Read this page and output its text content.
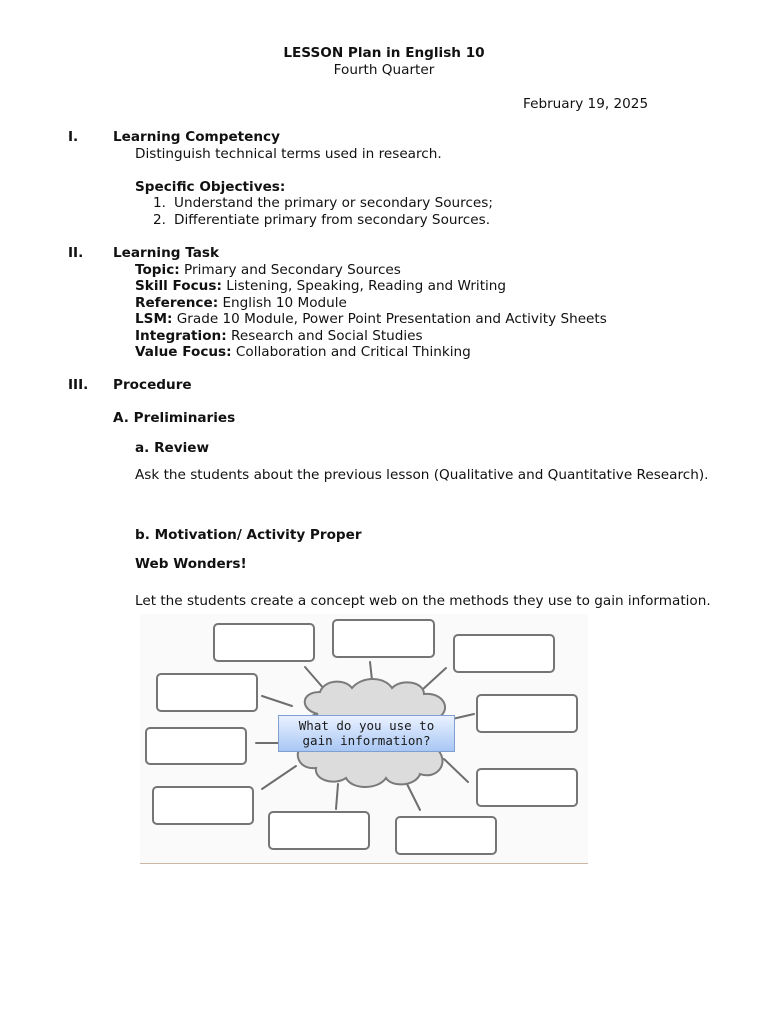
LESSON Plan in English 10
Fourth Quarter
February 19, 2025
I.	Learning Competency
Distinguish technical terms used in research.
Specific Objectives:
1. Understand the primary or secondary Sources;
2. Differentiate primary from secondary Sources.
II. Learning Task
Topic: Primary and Secondary Sources
Skill Focus: Listening, Speaking, Reading and Writing
Reference: English 10 Module
LSM: Grade 10 Module, Power Point Presentation and Activity Sheets
Integration: Research and Social Studies
Value Focus: Collaboration and Critical Thinking
III. Procedure
A. Preliminaries
a. Review
Ask the students about the previous lesson (Qualitative and Quantitative Research).
b. Motivation/ Activity Proper
Web Wonders!
Let the students create a concept web on the methods they use to gain information.
What do you use to
gain information?
